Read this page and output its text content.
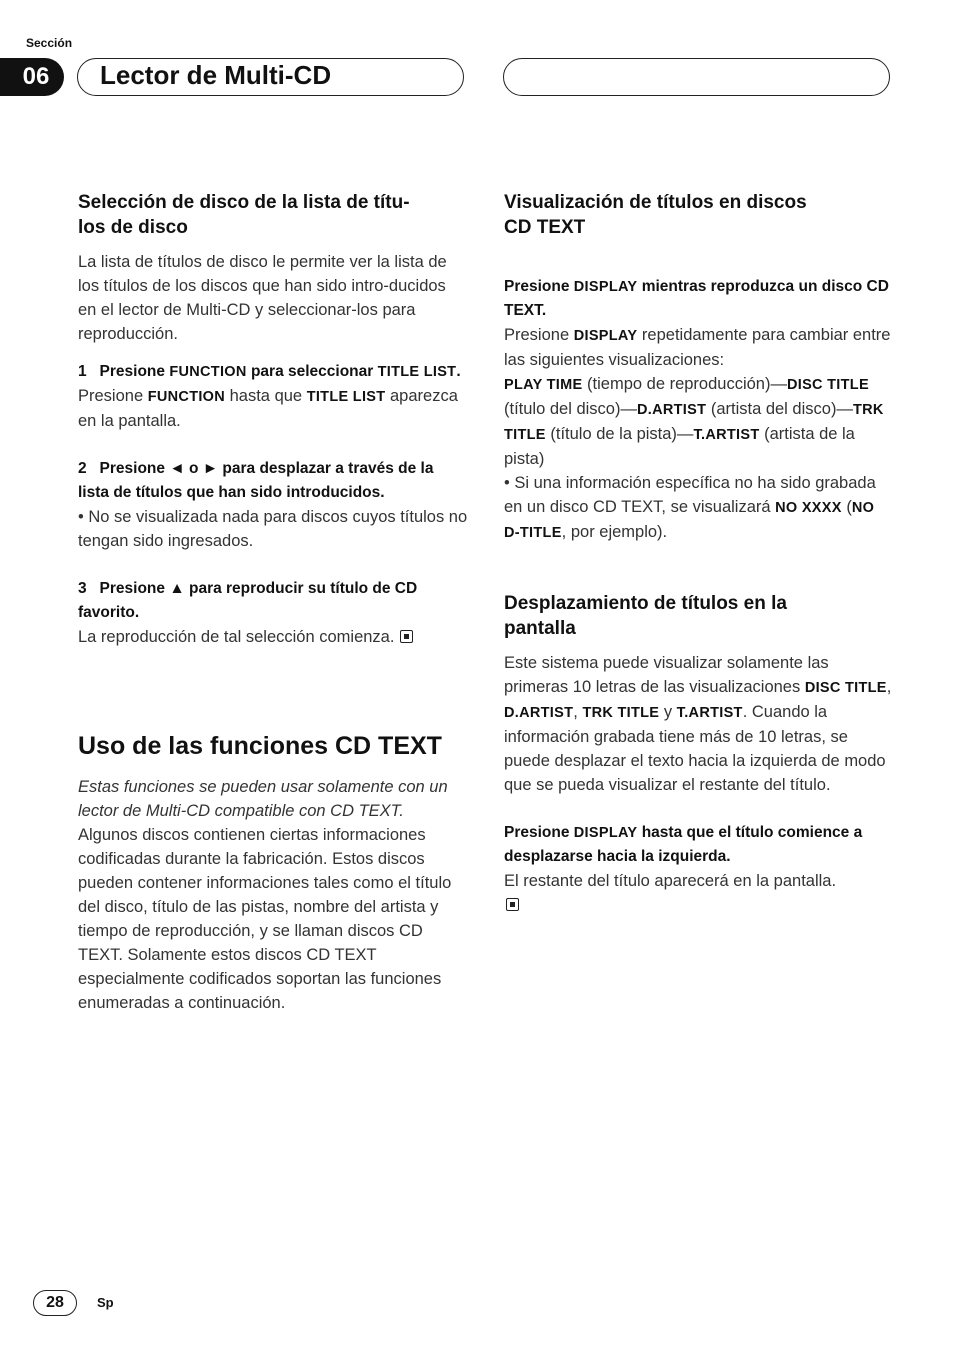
Sección
06	Lector de Multi-CD

Selección de disco de la lista de títu-
los de disco

La lista de títulos de disco le permite ver la lista de los títulos de los discos que han sido intro-ducidos en el lector de Multi-CD y seleccionar-los para reproducción.

1 Presione FUNCTION para seleccionar TITLE LIST.

Presione FUNCTION hasta que TITLE LIST aparezca en la pantalla.

2 Presione ◄ o ► para desplazar a través de la lista de títulos que han sido introducidos.

• No se visualizada nada para discos cuyos títulos no tengan sido ingresados.

3 Presione ▲ para reproducir su título de CD favorito.

La reproducción de tal selección comienza.

Uso de las funciones CD TEXT

Estas funciones se pueden usar solamente con un lector de Multi-CD compatible con CD TEXT.

Algunos discos contienen ciertas informaciones codificadas durante la fabricación. Estos discos pueden contener informaciones tales como el título del disco, título de las pistas, nombre del artista y tiempo de reproducción, y se llaman discos CD TEXT. Solamente estos discos CD TEXT especialmente codificados soportan las funciones enumeradas a continuación.

Visualización de títulos en discos
CD TEXT

Presione DISPLAY mientras reproduzca un disco CD TEXT.

Presione DISPLAY repetidamente para cambiar entre las siguientes visualizaciones:

PLAY TIME (tiempo de reproducción)—DISC TITLE (título del disco)—D.ARTIST (artista del disco)—TRK TITLE (título de la pista)—T.ARTIST (artista de la pista)

• Si una información específica no ha sido grabada en un disco CD TEXT, se visualizará NO XXXX (NO D-TITLE, por ejemplo).

Desplazamiento de títulos en la
pantalla

Este sistema puede visualizar solamente las primeras 10 letras de las visualizaciones DISC TITLE, D.ARTIST, TRK TITLE y T.ARTIST. Cuando la información grabada tiene más de 10 letras, se puede desplazar el texto hacia la izquierda de modo que se pueda visualizar el restante del título.

Presione DISPLAY hasta que el título comience a desplazarse hacia la izquierda.

El restante del título aparecerá en la pantalla.

28	Sp
